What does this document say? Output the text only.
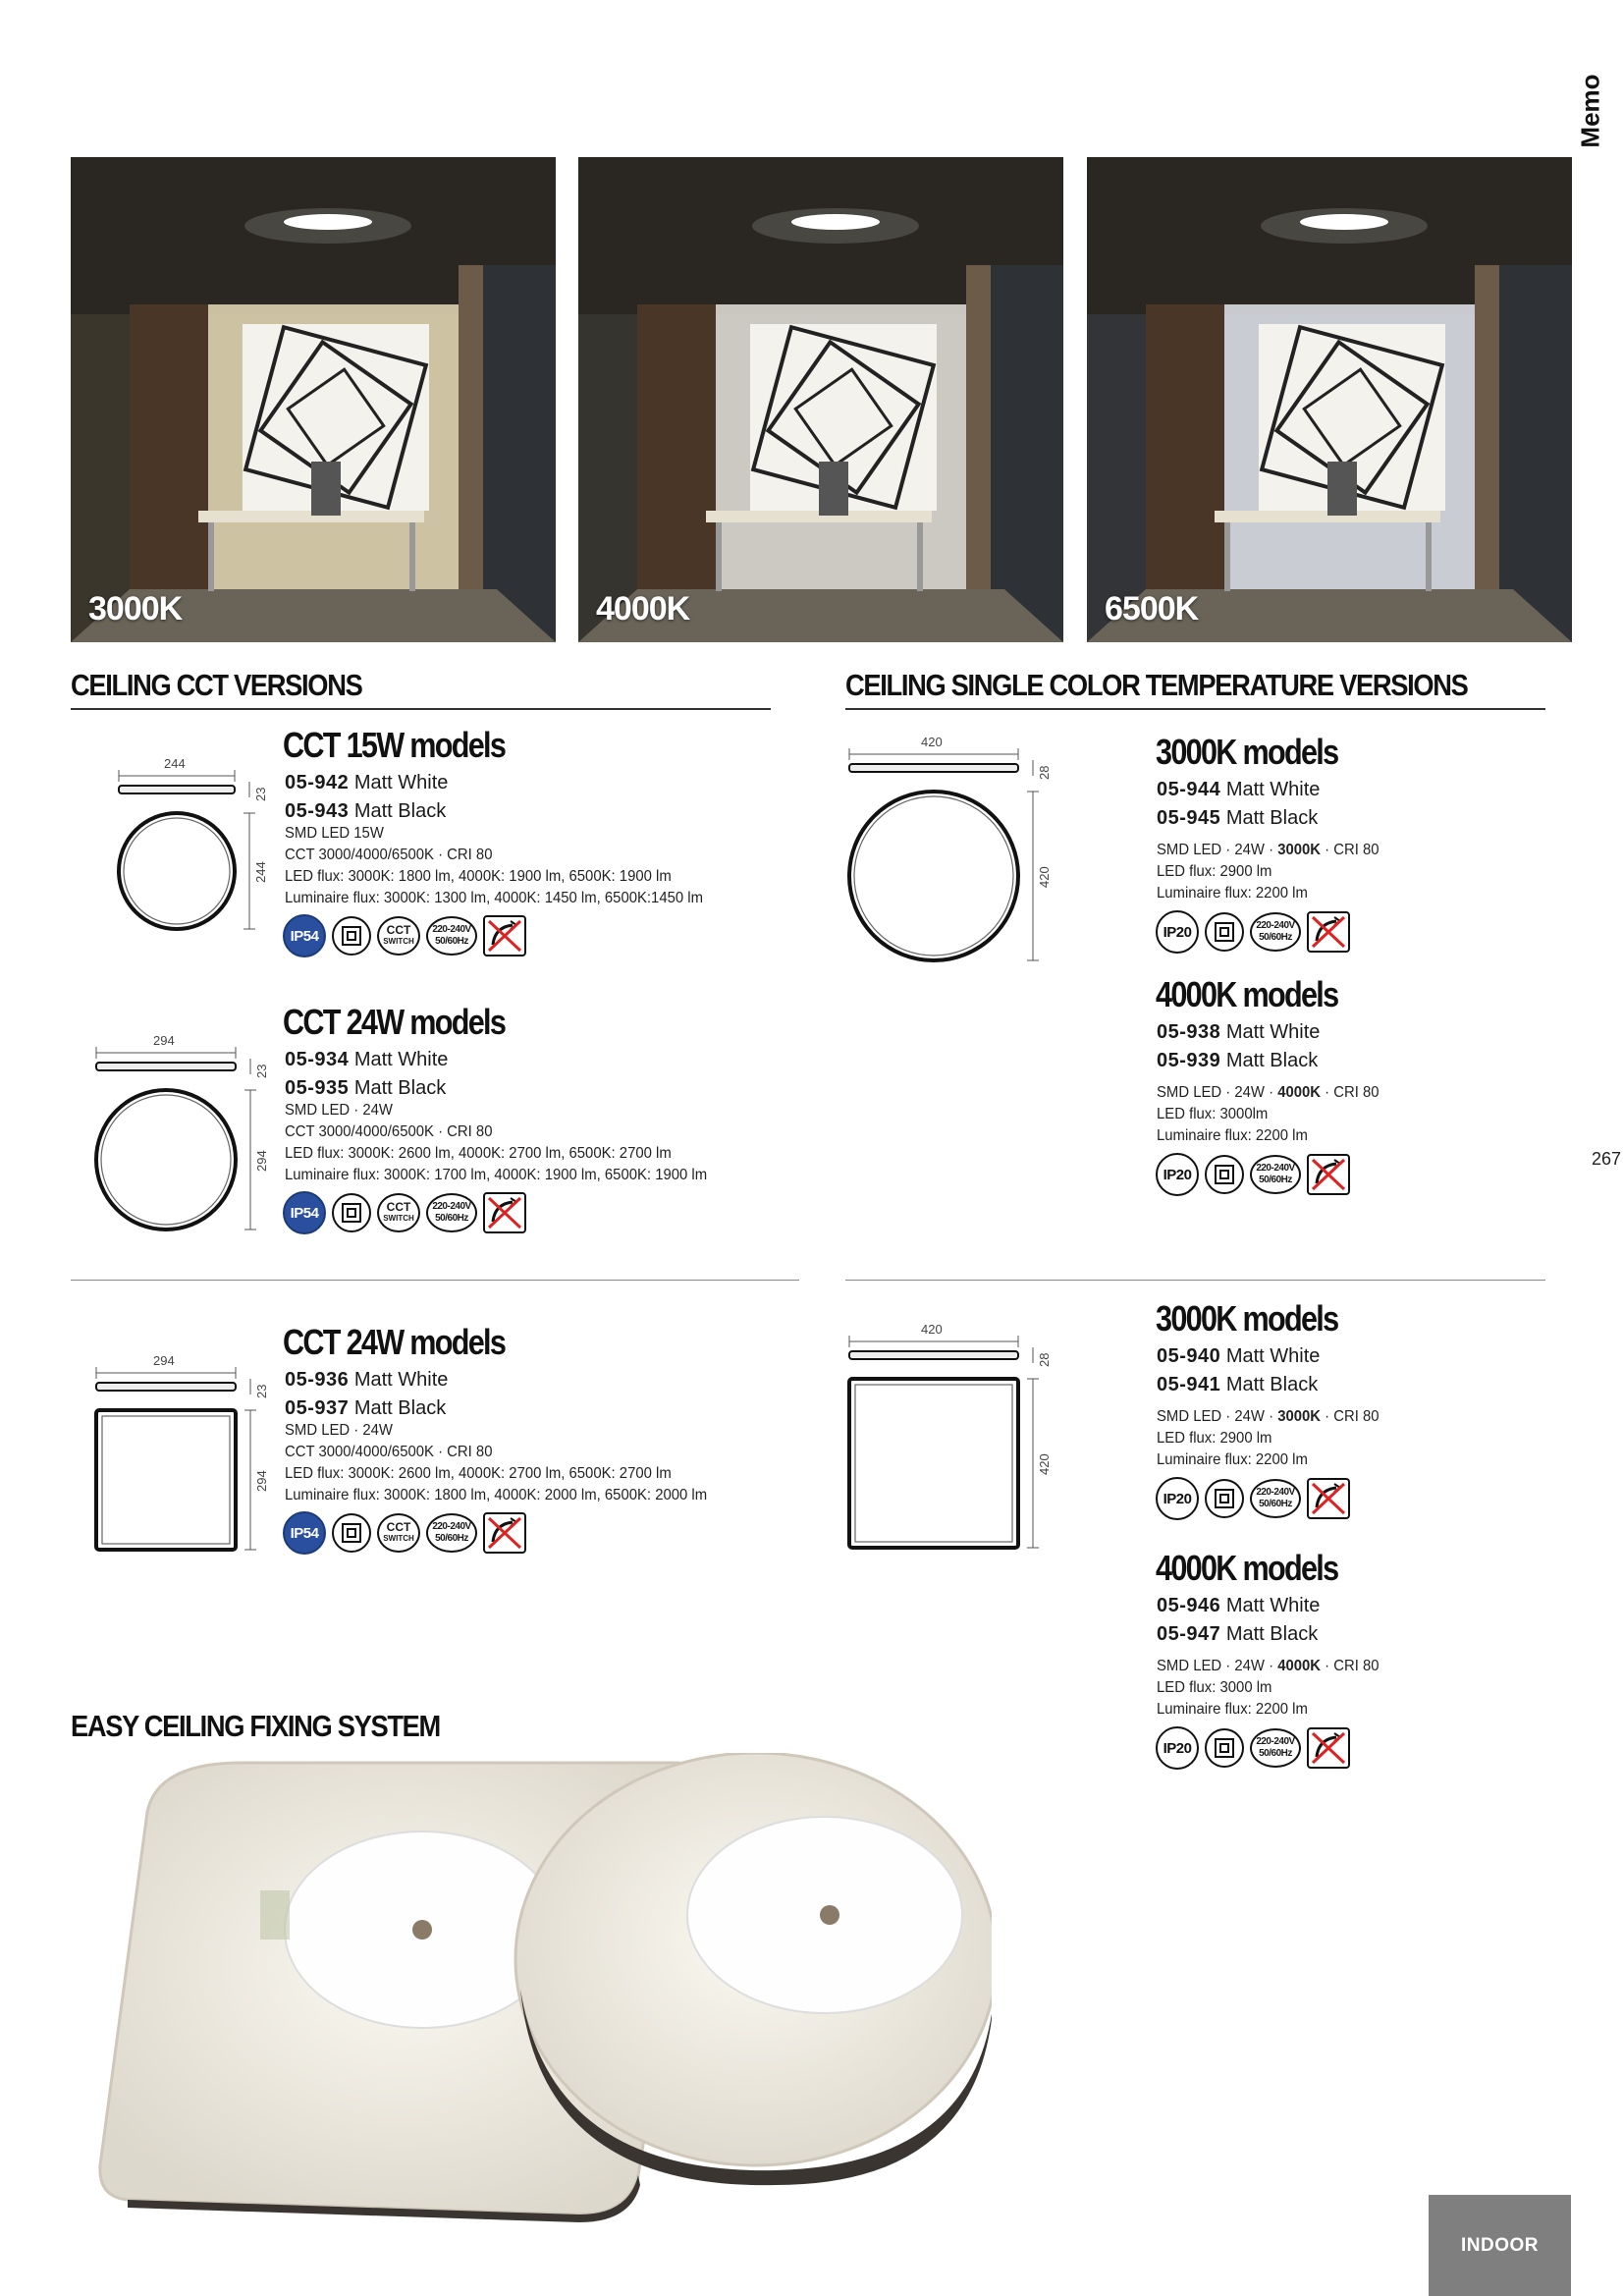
Memo
3000K	4000K	6500K
CEILING CCT VERSIONS	CEILING SINGLE COLOR TEMPERATURE VERSIONS
CCT 15W models
05-942 Matt White
05-943 Matt Black
SMD LED 15W
CCT 3000/4000/6500K · CRI 80
LED flux: 3000K: 1800 lm, 4000K: 1900 lm, 6500K: 1900 lm
Luminaire flux: 3000K: 1300 lm, 4000K: 1450 lm, 6500K:1450 lm
IP54	CCT
SWITCH
220-240V
50/60Hz
244
23
244
CCT 24W models
05-934 Matt White
05-935 Matt Black
SMD LED · 24W
CCT 3000/4000/6500K · CRI 80
LED flux: 3000K: 2600 lm, 4000K: 2700 lm, 6500K: 2700 lm
Luminaire flux: 3000K: 1700 lm, 4000K: 1900 lm, 6500K: 1900 lm
IP54	CCT
SWITCH
220-240V
50/60Hz
294
23
294
CCT 24W models
05-936 Matt White
05-937 Matt Black
SMD LED · 24W
CCT 3000/4000/6500K · CRI 80
LED flux: 3000K: 2600 lm, 4000K: 2700 lm, 6500K: 2700 lm
Luminaire flux: 3000K: 1800 lm, 4000K: 2000 lm, 6500K: 2000 lm
IP54	CCT
SWITCH
220-240V
50/60Hz
294
23
294
3000K models
05-944 Matt White
05-945 Matt Black
SMD LED · 24W · 3000K · CRI 80
LED flux: 2900 lm
Luminaire flux: 2200 lm
IP20	220-240V
50/60Hz
4000K models
05-938 Matt White
05-939 Matt Black
SMD LED · 24W · 4000K · CRI 80
LED flux: 3000lm
Luminaire flux: 2200 lm
IP20	220-240V
50/60Hz
3000K models
05-940 Matt White
05-941 Matt Black
SMD LED · 24W · 3000K · CRI 80
LED flux: 2900 lm
Luminaire flux: 2200 lm
IP20	220-240V
50/60Hz
4000K models
05-946 Matt White
05-947 Matt Black
SMD LED · 24W · 4000K · CRI 80
LED flux: 3000 lm
Luminaire flux: 2200 lm
IP20	220-240V
50/60Hz
420
28
420
420
28
420
EASY CEILING FIXING SYSTEM
267
INDOOR
